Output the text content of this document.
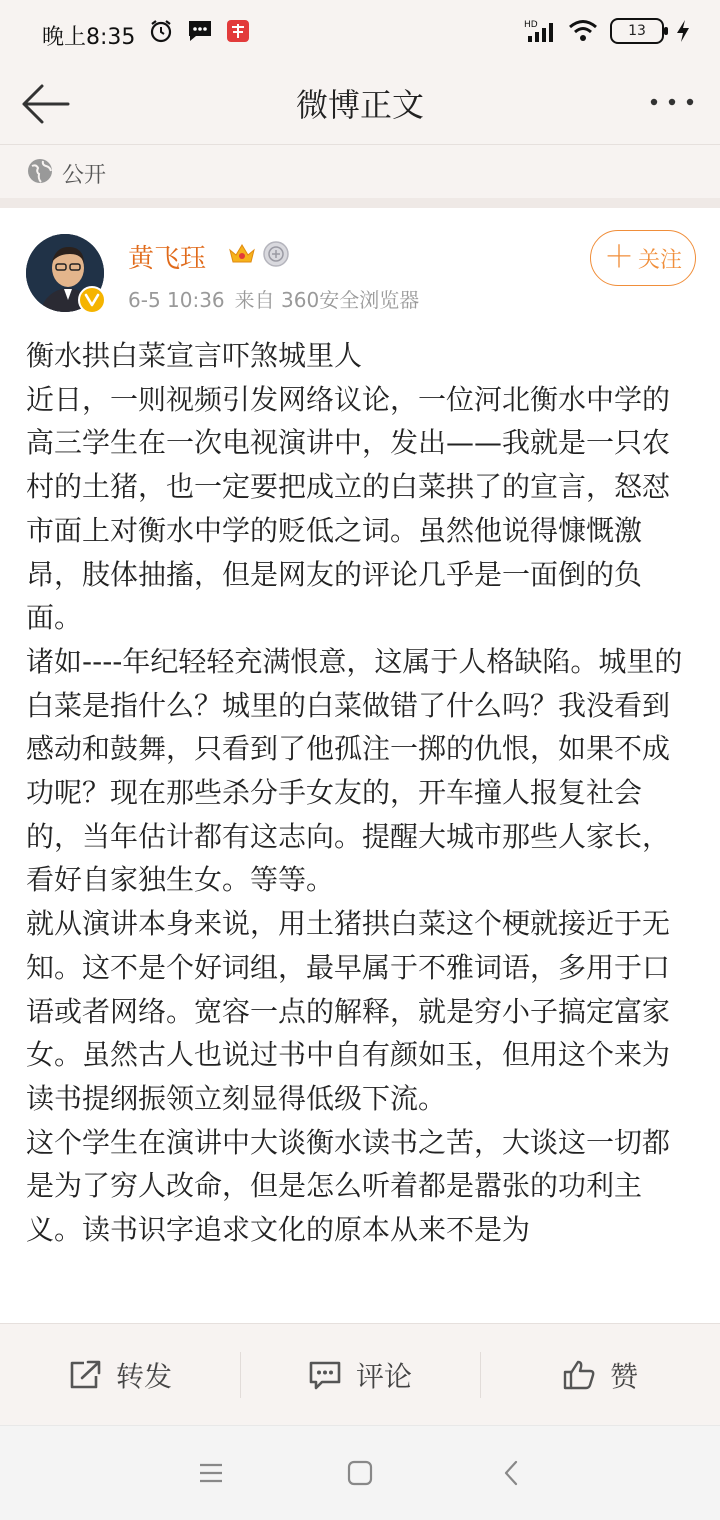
晚上8:35	HD	13
微博正文
公开
黄飞珏
6-5 10:36 来自 360安全浏览器
＋ 关注

衡水拱白菜宣言吓煞城里人

近日，一则视频引发网络议论，一位河北衡水中学的高三学生在一次电视演讲中，发出——我就是一只农村的土猪，也一定要把成立的白菜拱了的宣言，怒怼市面上对衡水中学的贬低之词。虽然他说得慷慨激昂，肢体抽搐，但是网友的评论几乎是一面倒的负面。

诸如----年纪轻轻充满恨意，这属于人格缺陷。城里的白菜是指什么？城里的白菜做错了什么吗？我没看到感动和鼓舞，只看到了他孤注一掷的仇恨，如果不成功呢？现在那些杀分手女友的，开车撞人报复社会的，当年估计都有这志向。提醒大城市那些人家长，看好自家独生女。等等。

就从演讲本身来说，用土猪拱白菜这个梗就接近于无知。这不是个好词组，最早属于不雅词语，多用于口语或者网络。宽容一点的解释，就是穷小子搞定富家女。虽然古人也说过书中自有颜如玉，但用这个来为读书提纲振领立刻显得低级下流。

这个学生在演讲中大谈衡水读书之苦，大谈这一切都是为了穷人改命，但是怎么听着都是嚣张的功利主义。读书识字追求文化的原本从来不是为

转发	评论	赞
